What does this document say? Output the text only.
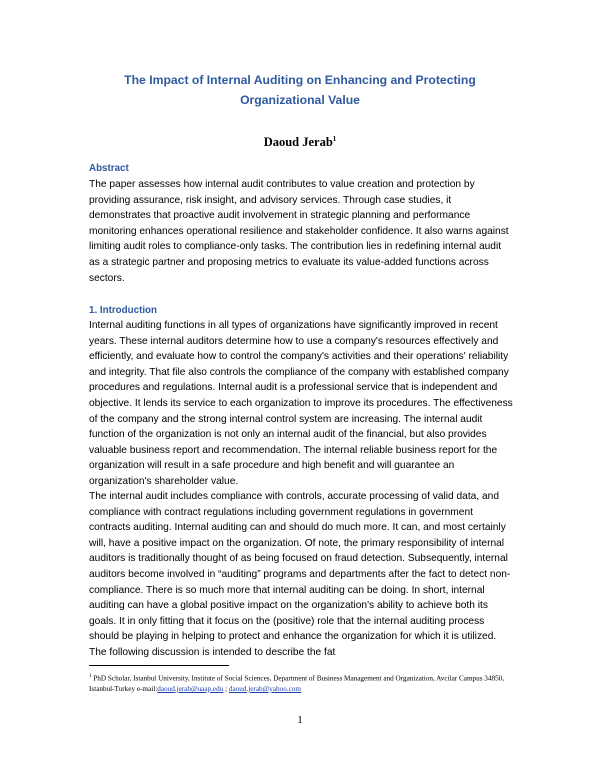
The Impact of Internal Auditing on Enhancing and Protecting
Organizational Value
Daoud Jerab$^1$
Abstract
The paper assesses how internal audit contributes to value creation and protection by providing assurance, risk insight, and advisory services. Through case studies, it demonstrates that proactive audit involvement in strategic planning and performance monitoring enhances operational resilience and stakeholder confidence. It also warns against limiting audit roles to compliance-only tasks. The contribution lies in redefining internal audit as a strategic partner and proposing metrics to evaluate its value-added functions across sectors.
1. Introduction
Internal auditing functions in all types of organizations have significantly improved in recent years. These internal auditors determine how to use a company's resources effectively and efficiently, and evaluate how to control the company's activities and their operations' reliability and integrity. That file also controls the compliance of the company with established company procedures and regulations. Internal audit is a professional service that is independent and objective. It lends its service to each organization to improve its procedures. The effectiveness of the company and the strong internal control system are increasing. The internal audit function of the organization is not only an internal audit of the financial, but also provides valuable business report and recommendation. The internal reliable business report for the organization will result in a safe procedure and high benefit and will guarantee an organization's shareholder value.
The internal audit includes compliance with controls, accurate processing of valid data, and compliance with contract regulations including government regulations in government contracts auditing. Internal auditing can and should do much more. It can, and most certainly will, have a positive impact on the organization. Of note, the primary responsibility of internal auditors is traditionally thought of as being focused on fraud detection. Subsequently, internal auditors become involved in “auditing” programs and departments after the fact to detect non-compliance. There is so much more that internal auditing can be doing. In short, internal auditing can have a global positive impact on the organization's ability to achieve both its goals. It in only fitting that it focus on the (positive) role that the internal auditing process should be playing in helping to protect and enhance the organization for which it is utilized. The following discussion is intended to describe the fat
$^1$ PhD Scholar, Istanbul University, Institute of Social Sciences, Department of Business Management and Organization, Avcilar Campus 34850, Istanbul-Turkey e-mail:daoud.jerab@uaap.edu ; daoud.jerab@yahoo.com
1
